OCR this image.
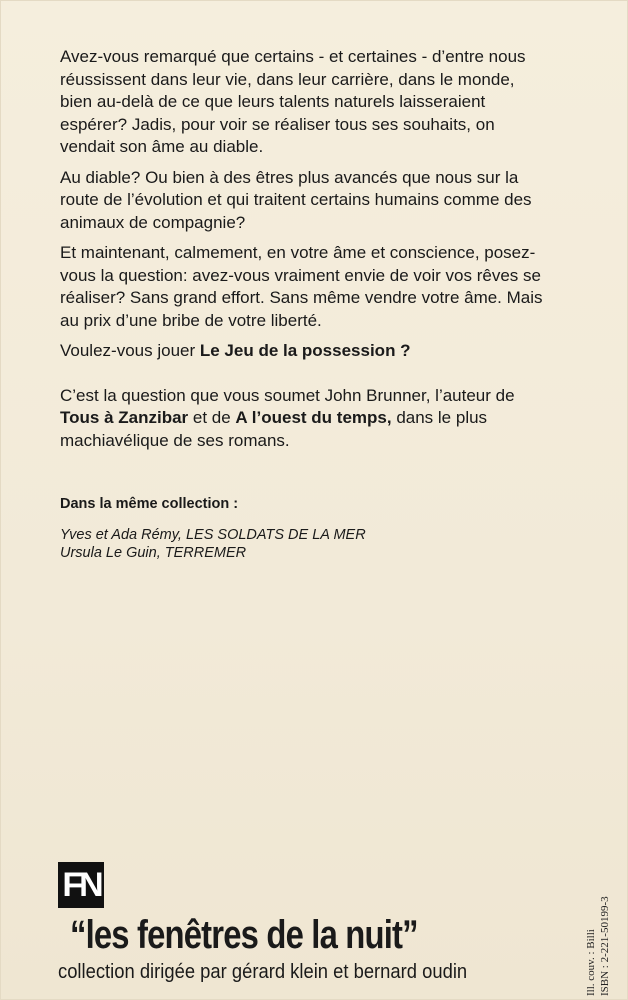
Avez-vous remarqué que certains - et certaines - d’entre nous réussissent dans leur vie, dans leur carrière, dans le monde, bien au-delà de ce que leurs talents naturels laisseraient espérer? Jadis, pour voir se réaliser tous ses souhaits, on vendait son âme au diable.

Au diable? Ou bien à des êtres plus avancés que nous sur la route de l’évolution et qui traitent certains humains comme des animaux de compagnie?

Et maintenant, calmement, en votre âme et conscience, posez-vous la question: avez-vous vraiment envie de voir vos rêves se réaliser? Sans grand effort. Sans même vendre votre âme. Mais au prix d’une bribe de votre liberté.

Voulez-vous jouer Le Jeu de la possession ?

C’est la question que vous soumet John Brunner, l’auteur de Tous à Zanzibar et de A l’ouest du temps, dans le plus machiavélique de ses romans.

Dans la même collection :

Yves et Ada Rémy, LES SOLDATS DE LA MER

Ursula Le Guin, TERREMER

FN
“les fenêtres de la nuit”
collection dirigée par gérard klein et bernard oudin	Ill. couv. : Billi ISBN : 2-221-50199-3
